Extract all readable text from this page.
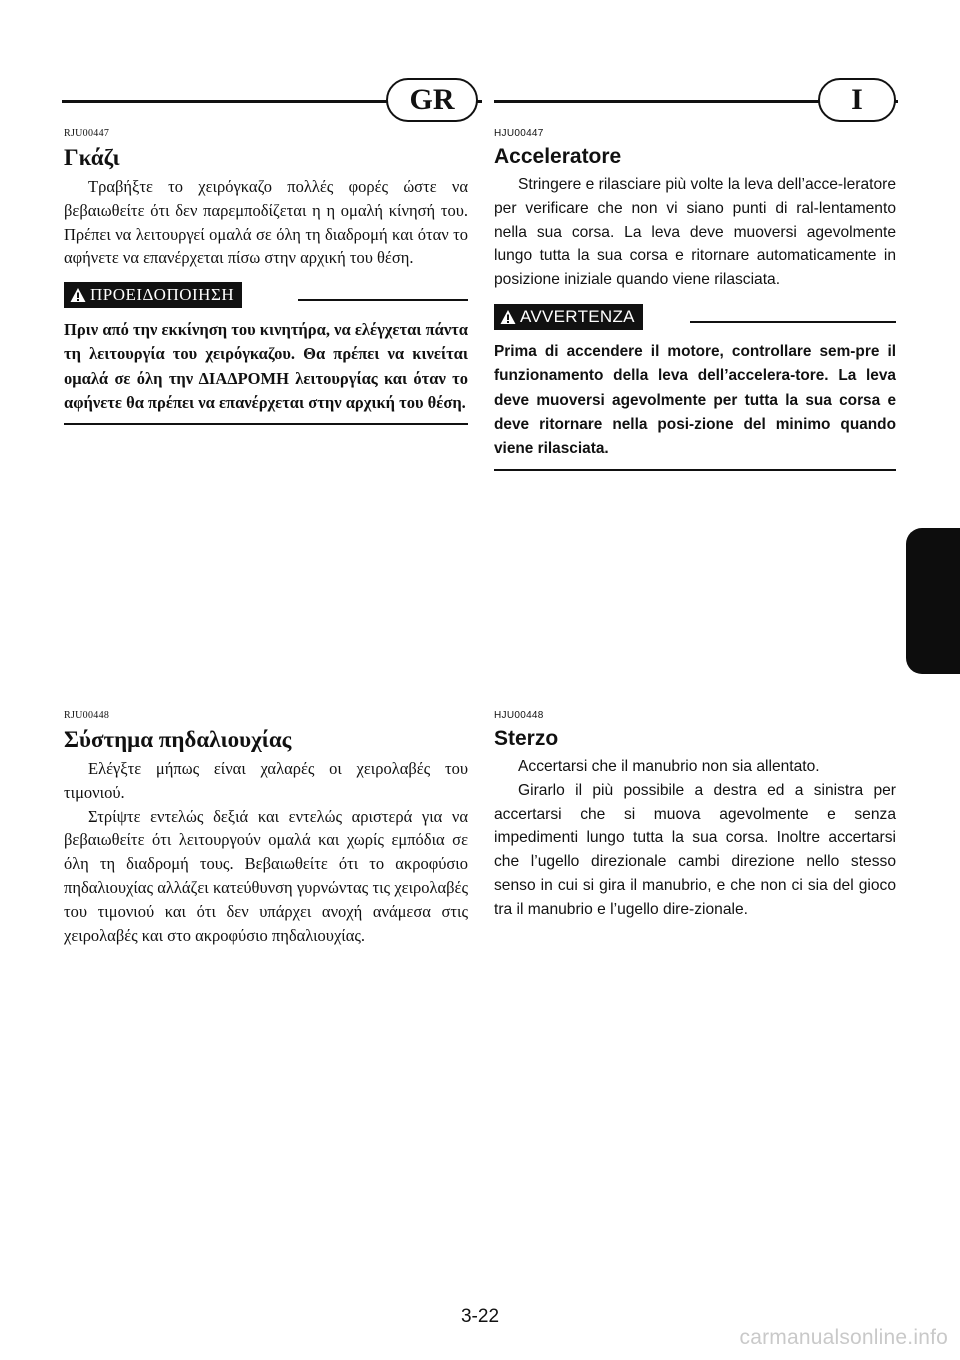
GR	I
RJU00447
Γκάζι

Τραβήξτε το χειρόγκαζο πολλές φορές ώστε να βεβαιωθείτε ότι δεν παρεμποδίζεται η η ομαλή κίνησή του. Πρέπει να λειτουργεί ομαλά σε όλη τη διαδρομή και όταν το αφήνετε να επανέρχεται πίσω στην αρχική του θέση.

ΠΡΟΕΙΔΟΠΟΙΗΣΗ

Πριν από την εκκίνηση του κινητήρα, να ελέγχεται πάντα τη λειτουργία του χειρόγκαζου. Θα πρέπει να κινείται ομαλά σε όλη την ΔΙΑΔΡΟΜΗ λειτουργίας και όταν το αφήνετε θα πρέπει να επανέρχεται στην αρχική του θέση.

HJU00447
Acceleratore

Stringere e rilasciare più volte la leva dell’acce-leratore per verificare che non vi siano punti di ral-lentamento nella sua corsa. La leva deve muoversi agevolmente lungo tutta la sua corsa e ritornare automaticamente in posizione iniziale quando viene rilasciata.

AVVERTENZA

Prima di accendere il motore, controllare sem-pre il funzionamento della leva dell’accelera-tore. La leva deve muoversi agevolmente per tutta la sua corsa e deve ritornare nella posi-zione del minimo quando viene rilasciata.

RJU00448
Σύστημα πηδαλιουχίας

Ελέγξτε μήπως είναι χαλαρές οι χειρολαβές του τιμονιού.

Στρίψτε εντελώς δεξιά και εντελώς αριστερά για να βεβαιωθείτε ότι λειτουργούν ομαλά και χωρίς εμπόδια σε όλη τη διαδρομή τους. Βεβαιωθείτε ότι το ακροφύσιο πηδαλιουχίας αλλάζει κατεύθυνση γυρνώντας τις χειρολαβές του τιμονιού και ότι δεν υπάρχει ανοχή ανάμεσα στις χειρολαβές και στο ακροφύσιο πηδαλιουχίας.

HJU00448
Sterzo

Accertarsi che il manubrio non sia allentato.

Girarlo il più possibile a destra ed a sinistra per accertarsi che si muova agevolmente e senza impedimenti lungo tutta la sua corsa. Inoltre accertarsi che l’ugello direzionale cambi direzione nello stesso senso in cui si gira il manubrio, e che non ci sia del gioco tra il manubrio e l’ugello dire-zionale.

3-22
carmanualsonline.info
